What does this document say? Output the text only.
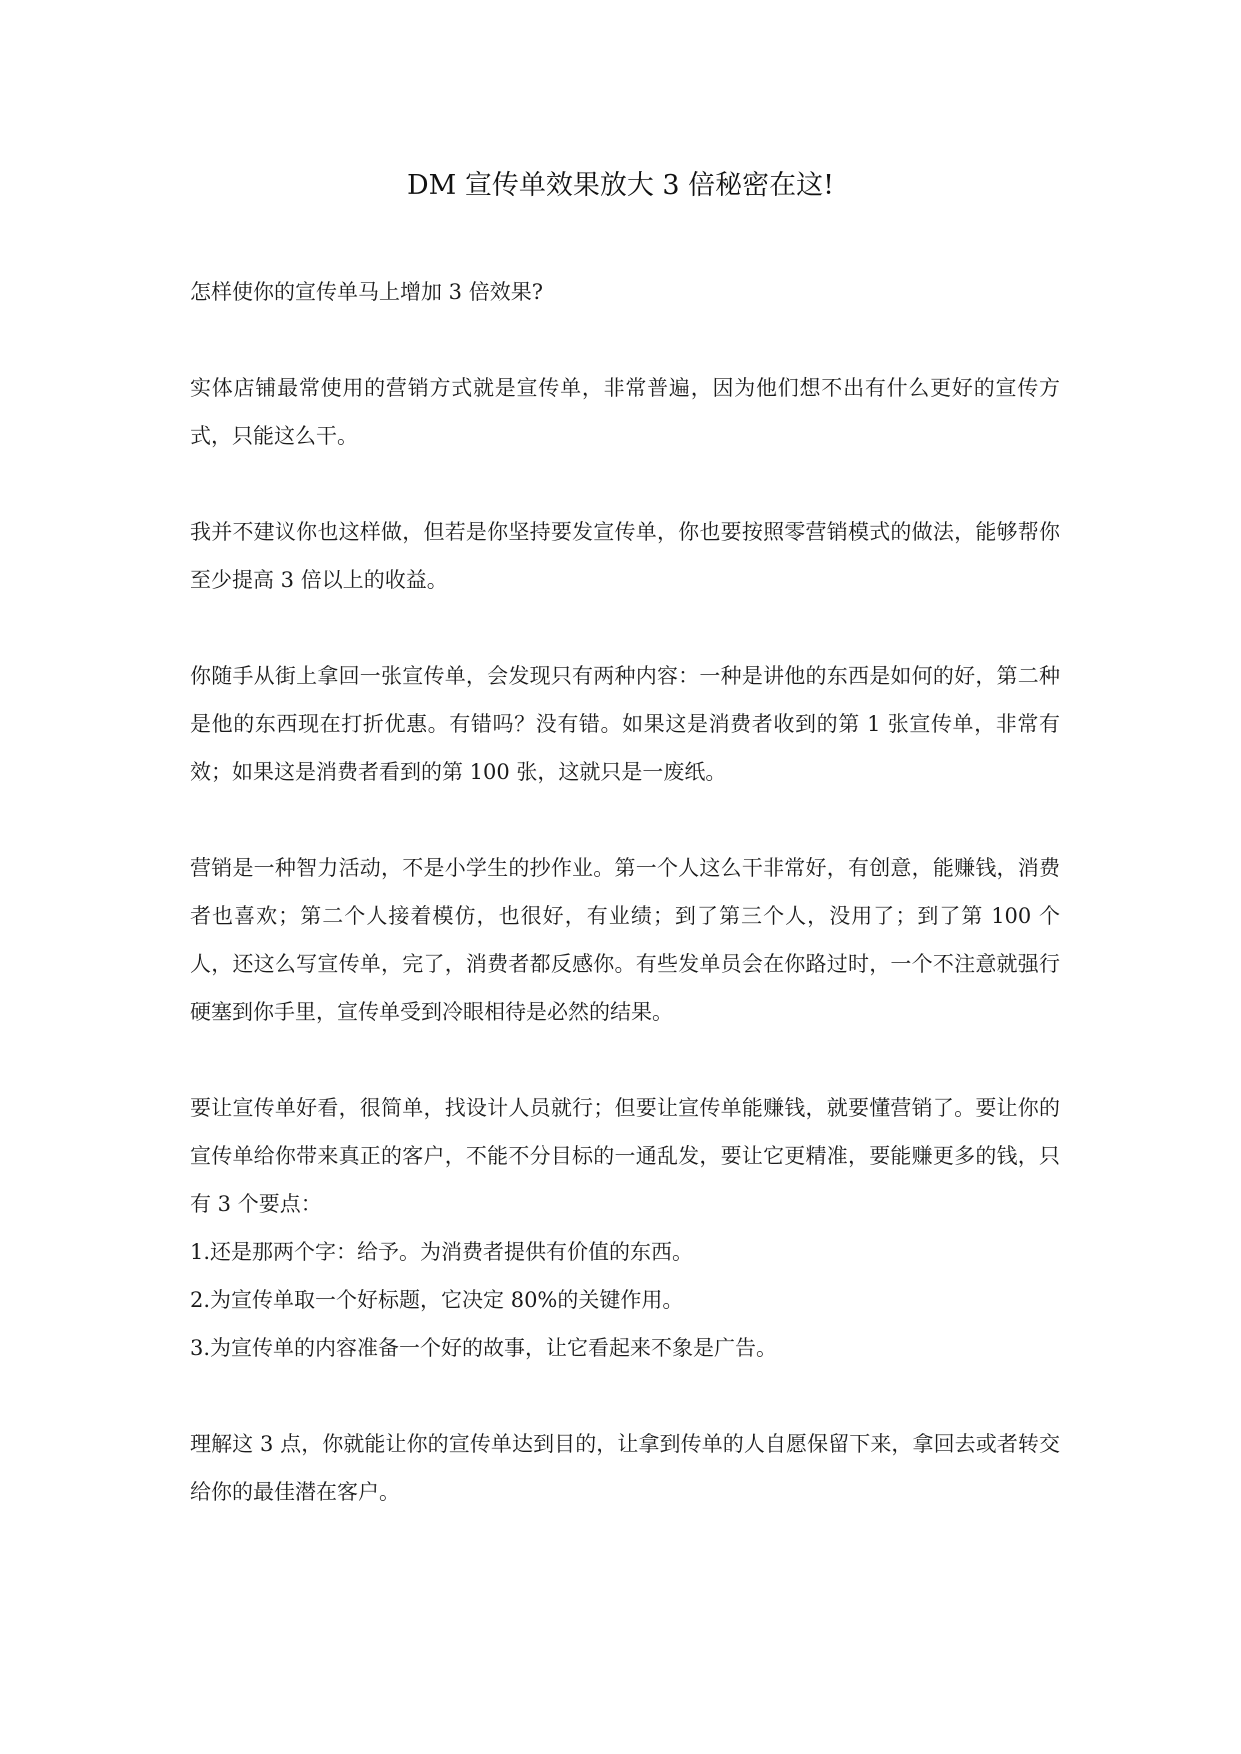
DM 宣传单效果放大 3 倍秘密在这!

怎样使你的宣传单马上增加 3 倍效果?

实体店铺最常使用的营销方式就是宣传单，非常普遍，因为他们想不出有什么更好的宣传方式，只能这么干。

我并不建议你也这样做，但若是你坚持要发宣传单，你也要按照零营销模式的做法，能够帮你至少提高 3 倍以上的收益。

你随手从街上拿回一张宣传单，会发现只有两种内容：一种是讲他的东西是如何的好，第二种是他的东西现在打折优惠。有错吗？没有错。如果这是消费者收到的第 1 张宣传单，非常有效；如果这是消费者看到的第 100 张，这就只是一废纸。

营销是一种智力活动，不是小学生的抄作业。第一个人这么干非常好，有创意，能赚钱，消费者也喜欢；第二个人接着模仿，也很好，有业绩；到了第三个人，没用了；到了第 100 个人，还这么写宣传单，完了，消费者都反感你。有些发单员会在你路过时，一个不注意就强行硬塞到你手里，宣传单受到冷眼相待是必然的结果。

要让宣传单好看，很简单，找设计人员就行；但要让宣传单能赚钱，就要懂营销了。要让你的宣传单给你带来真正的客户，不能不分目标的一通乱发，要让它更精准，要能赚更多的钱，只有 3 个要点：

1.还是那两个字：给予。为消费者提供有价值的东西。

2.为宣传单取一个好标题，它决定 80%的关键作用。

3.为宣传单的内容准备一个好的故事，让它看起来不象是广告。

理解这 3 点，你就能让你的宣传单达到目的，让拿到传单的人自愿保留下来，拿回去或者转交给你的最佳潜在客户。
